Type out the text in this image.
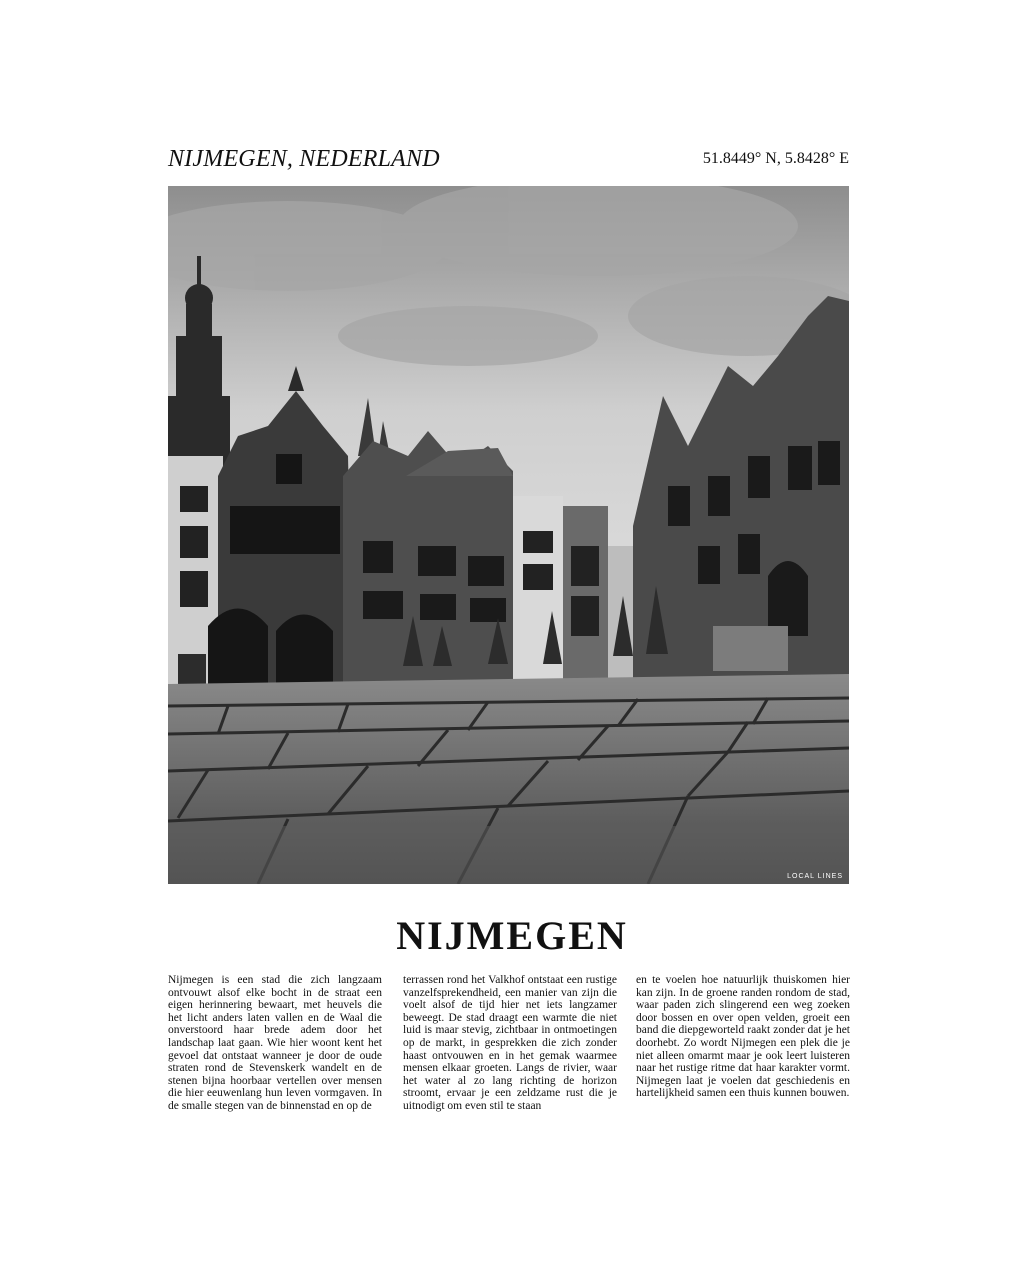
NIJMEGEN, NEDERLAND	51.8449° N, 5.8428° E
LOCAL LINES
NIJMEGEN
Nijmegen is een stad die zich langzaam ontvouwt alsof elke bocht in de straat een eigen herinnering bewaart, met heuvels die het licht anders laten vallen en de Waal die onverstoord haar brede adem door het landschap laat gaan. Wie hier woont kent het gevoel dat ontstaat wanneer je door de oude straten rond de Stevenskerk wandelt en de stenen bijna hoorbaar vertellen over mensen die hier eeuwenlang hun leven vormgaven. In de smalle stegen van de binnenstad en op de
terrassen rond het Valkhof ontstaat een rustige vanzelfsprekendheid, een manier van zijn die voelt alsof de tijd hier net iets langzamer beweegt. De stad draagt een warmte die niet luid is maar stevig, zichtbaar in ontmoetingen op de markt, in gesprekken die zich zonder haast ontvouwen en in het gemak waarmee mensen elkaar groeten. Langs de rivier, waar het water al zo lang richting de horizon stroomt, ervaar je een zeldzame rust die je uitnodigt om even stil te staan
en te voelen hoe natuurlijk thuiskomen hier kan zijn. In de groene randen rondom de stad, waar paden zich slingerend een weg zoeken door bossen en over open velden, groeit een band die diepgeworteld raakt zonder dat je het doorhebt. Zo wordt Nijmegen een plek die je niet alleen omarmt maar je ook leert luisteren naar het rustige ritme dat haar karakter vormt. Nijmegen laat je voelen dat geschiedenis en hartelijkheid samen een thuis kunnen bouwen.
